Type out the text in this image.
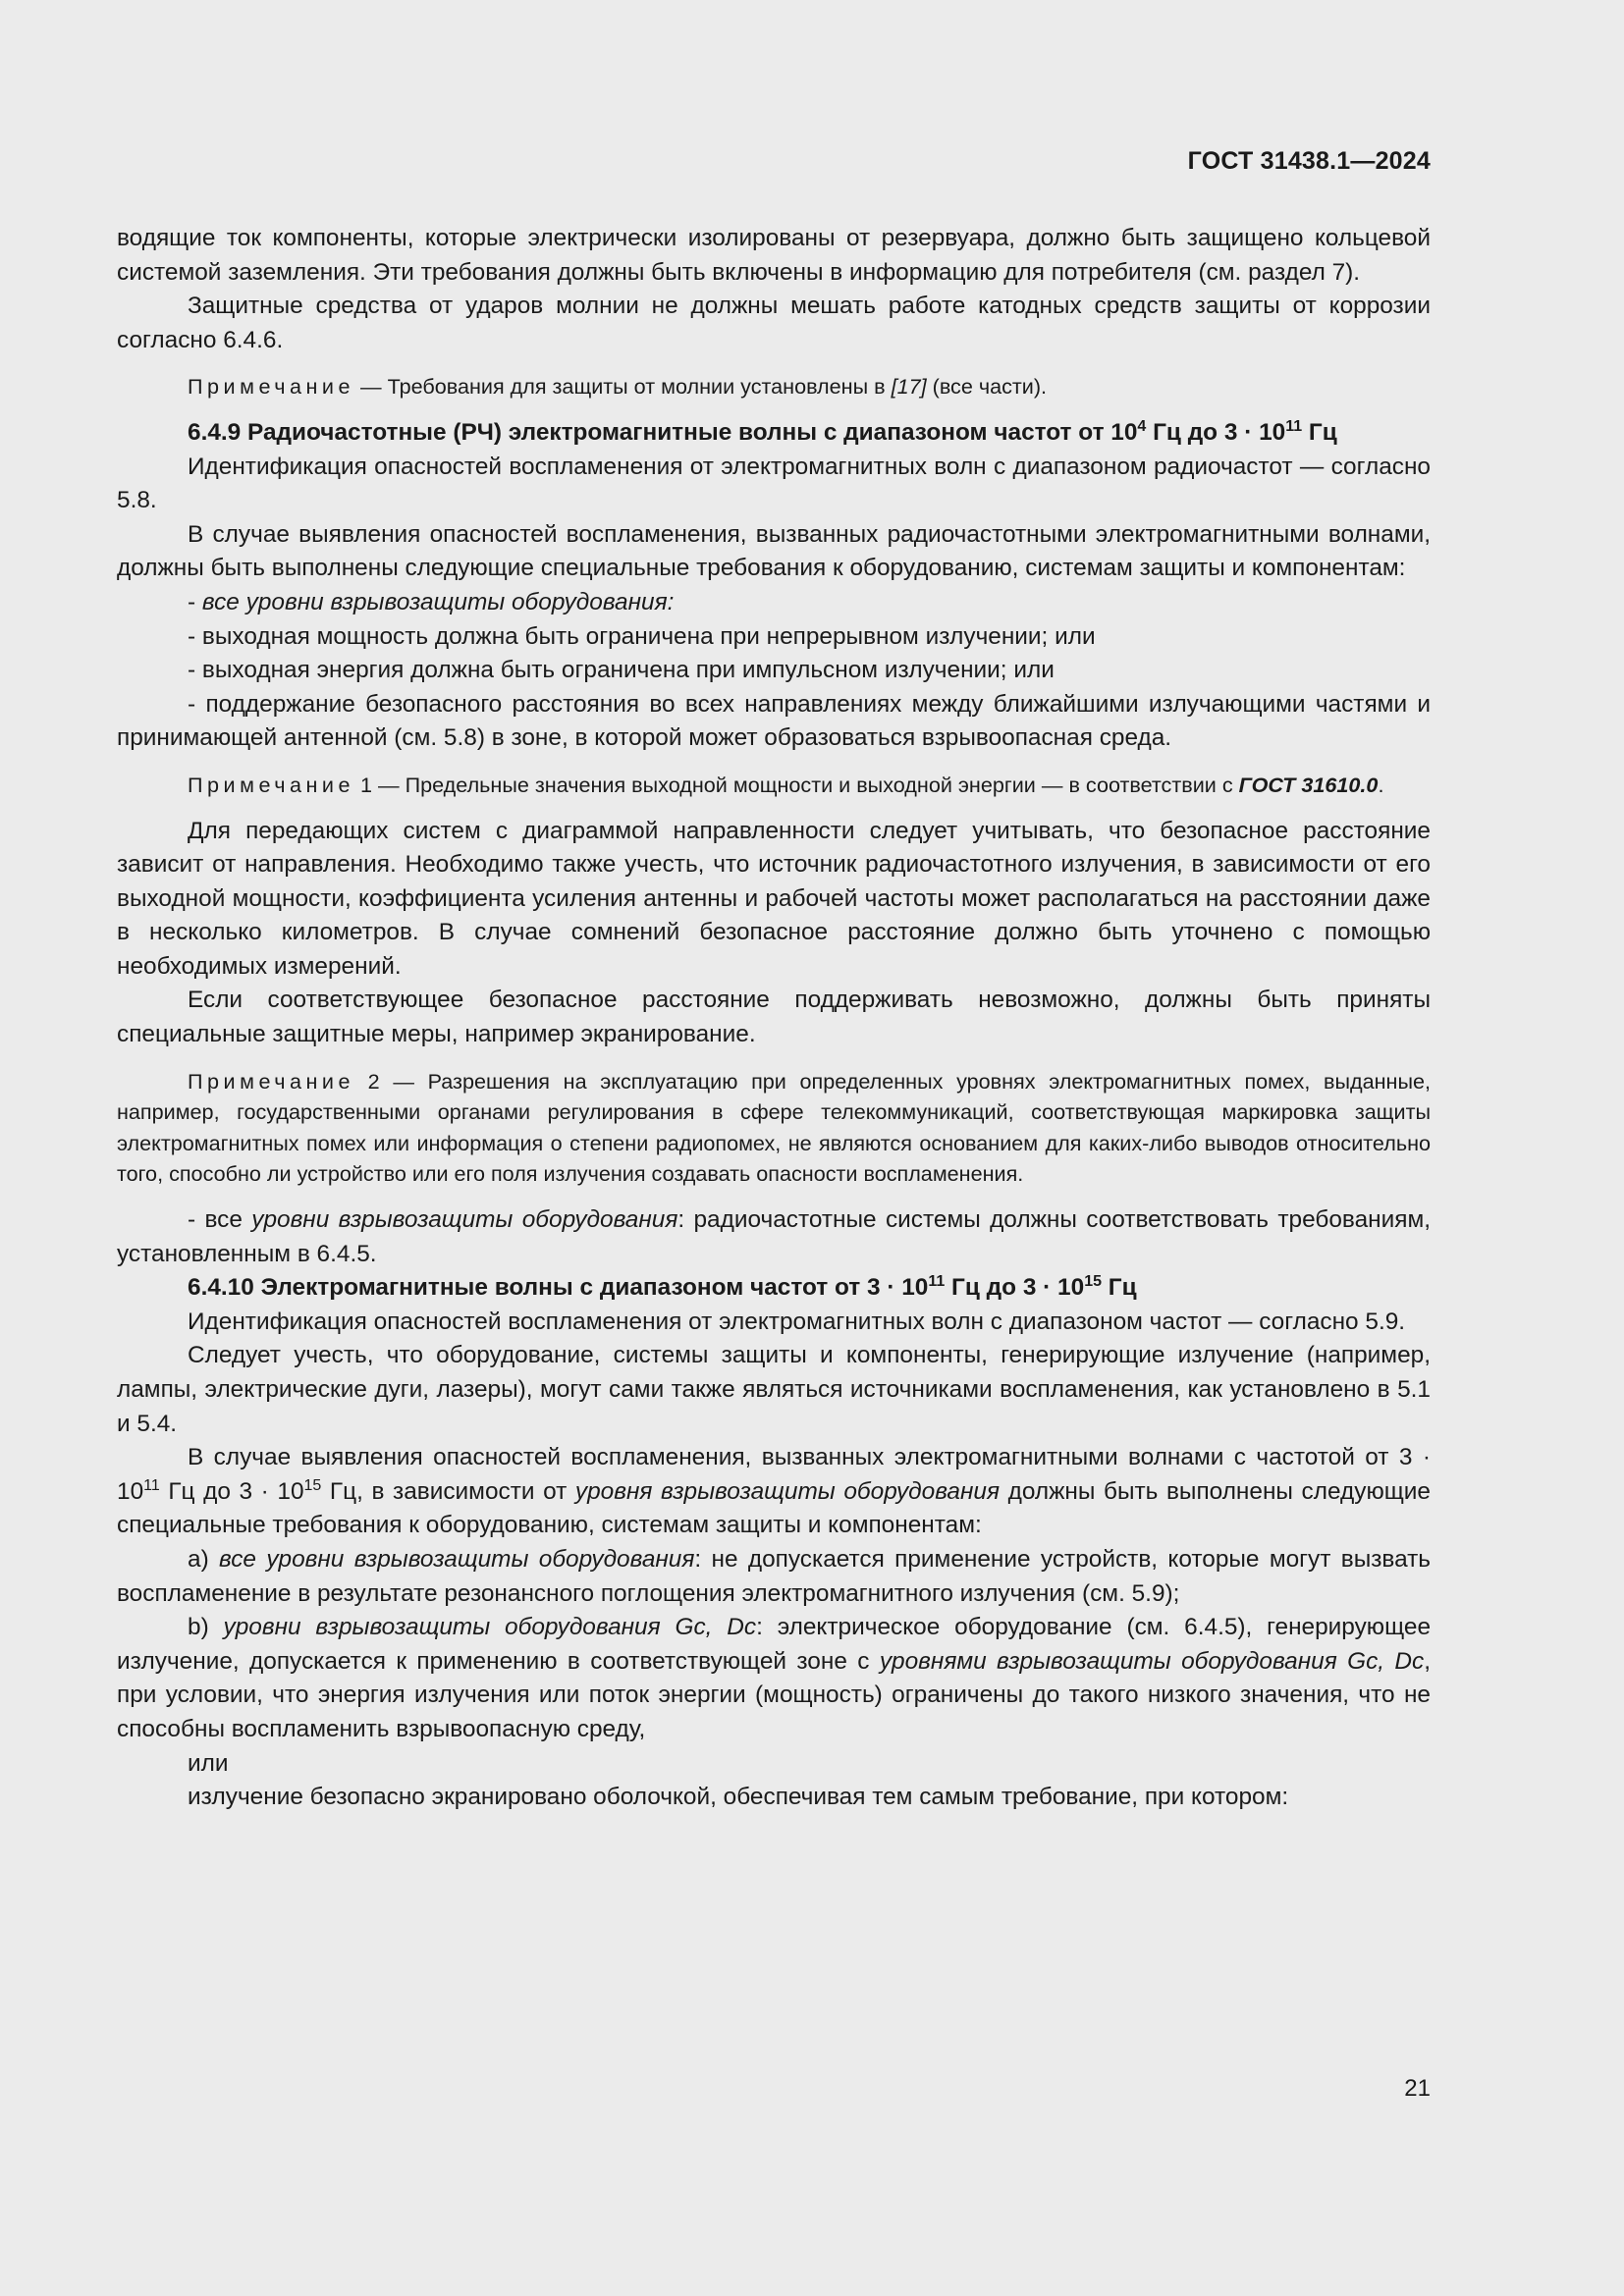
ГОСТ 31438.1—2024

водящие ток компоненты, которые электрически изолированы от резервуара, должно быть защищено кольцевой системой заземления. Эти требования должны быть включены в информацию для потребителя (см. раздел 7).

Защитные средства от ударов молнии не должны мешать работе катодных средств защиты от коррозии согласно 6.4.6.

Примечание — Требования для защиты от молнии установлены в [17] (все части).

6.4.9 Радиочастотные (РЧ) электромагнитные волны с диапазоном частот от $10^4$ Гц до $3 \cdot 10^{11}$ Гц

Идентификация опасностей воспламенения от электромагнитных волн с диапазоном радиочастот — согласно 5.8.

В случае выявления опасностей воспламенения, вызванных радиочастотными электромагнитными волнами, должны быть выполнены следующие специальные требования к оборудованию, системам защиты и компонентам:

- все уровни взрывозащиты оборудования:

- выходная мощность должна быть ограничена при непрерывном излучении; или

- выходная энергия должна быть ограничена при импульсном излучении; или

- поддержание безопасного расстояния во всех направлениях между ближайшими излучающими частями и принимающей антенной (см. 5.8) в зоне, в которой может образоваться взрывоопасная среда.

Примечание 1 — Предельные значения выходной мощности и выходной энергии — в соответствии с ГОСТ 31610.0.

Для передающих систем с диаграммой направленности следует учитывать, что безопасное расстояние зависит от направления. Необходимо также учесть, что источник радиочастотного излучения, в зависимости от его выходной мощности, коэффициента усиления антенны и рабочей частоты может располагаться на расстоянии даже в несколько километров. В случае сомнений безопасное расстояние должно быть уточнено с помощью необходимых измерений.

Если соответствующее безопасное расстояние поддерживать невозможно, должны быть приняты специальные защитные меры, например экранирование.

Примечание 2 — Разрешения на эксплуатацию при определенных уровнях электромагнитных помех, выданные, например, государственными органами регулирования в сфере телекоммуникаций, соответствующая маркировка защиты электромагнитных помех или информация о степени радиопомех, не являются основанием для каких-либо выводов относительно того, способно ли устройство или его поля излучения создавать опасности воспламенения.

- все уровни взрывозащиты оборудования: радиочастотные системы должны соответствовать требованиям, установленным в 6.4.5.

6.4.10 Электромагнитные волны с диапазоном частот от $3 \cdot 10^{11}$ Гц до $3 \cdot 10^{15}$ Гц

Идентификация опасностей воспламенения от электромагнитных волн с диапазоном частот — согласно 5.9.

Следует учесть, что оборудование, системы защиты и компоненты, генерирующие излучение (например, лампы, электрические дуги, лазеры), могут сами также являться источниками воспламенения, как установлено в 5.1 и 5.4.

В случае выявления опасностей воспламенения, вызванных электромагнитными волнами с частотой от $3 \cdot 10^{11}$ Гц до $3 \cdot 10^{15}$ Гц, в зависимости от уровня взрывозащиты оборудования должны быть выполнены следующие специальные требования к оборудованию, системам защиты и компонентам:

а) все уровни взрывозащиты оборудования: не допускается применение устройств, которые могут вызвать воспламенение в результате резонансного поглощения электромагнитного излучения (см. 5.9);

b) уровни взрывозащиты оборудования Gc, Dc: электрическое оборудование (см. 6.4.5), генерирующее излучение, допускается к применению в соответствующей зоне с уровнями взрывозащиты оборудования Gc, Dc, при условии, что энергия излучения или поток энергии (мощность) ограничены до такого низкого значения, что не способны воспламенить взрывоопасную среду,

или

излучение безопасно экранировано оболочкой, обеспечивая тем самым требование, при котором:

21
